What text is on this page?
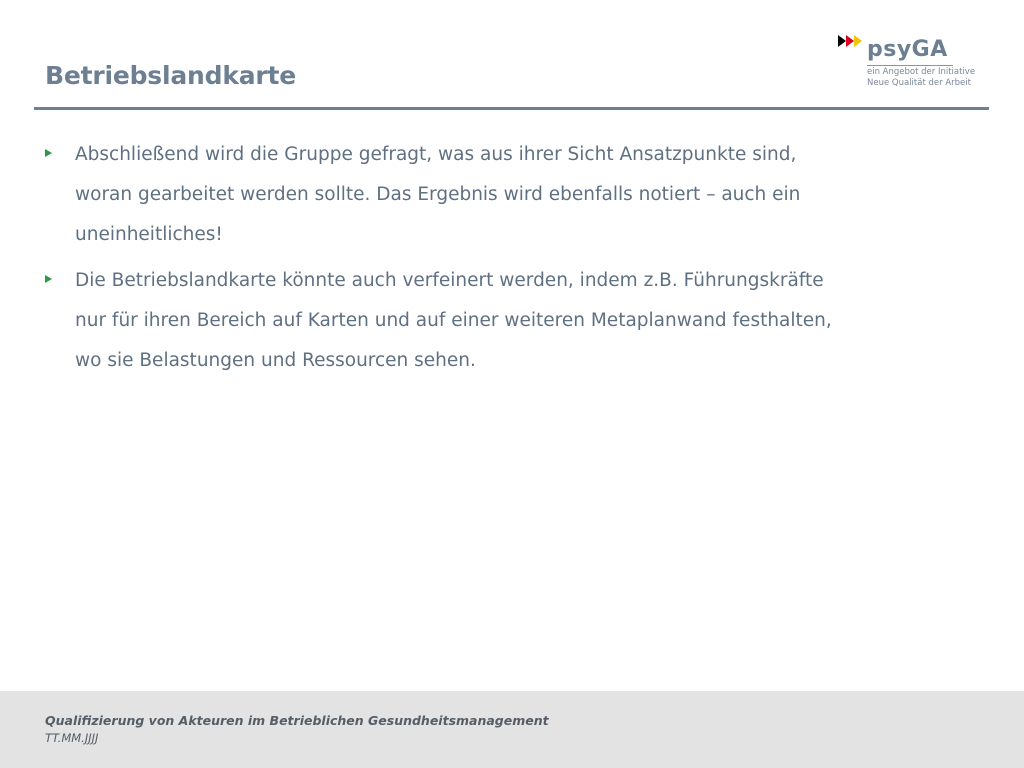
Betriebslandkarte
psyGA
ein Angebot der Initiative
Neue Qualität der Arbeit
Abschließend wird die Gruppe gefragt, was aus ihrer Sicht Ansatzpunkte sind, woran gearbeitet werden sollte. Das Ergebnis wird ebenfalls notiert – auch ein uneinheitliches!
Die Betriebslandkarte könnte auch verfeinert werden, indem z.B. Führungskräfte nur für ihren Bereich auf Karten und auf einer weiteren Metaplanwand festhalten, wo sie Belastungen und Ressourcen sehen.
Qualifizierung von Akteuren im Betrieblichen Gesundheitsmanagement
TT.MM.JJJJ
